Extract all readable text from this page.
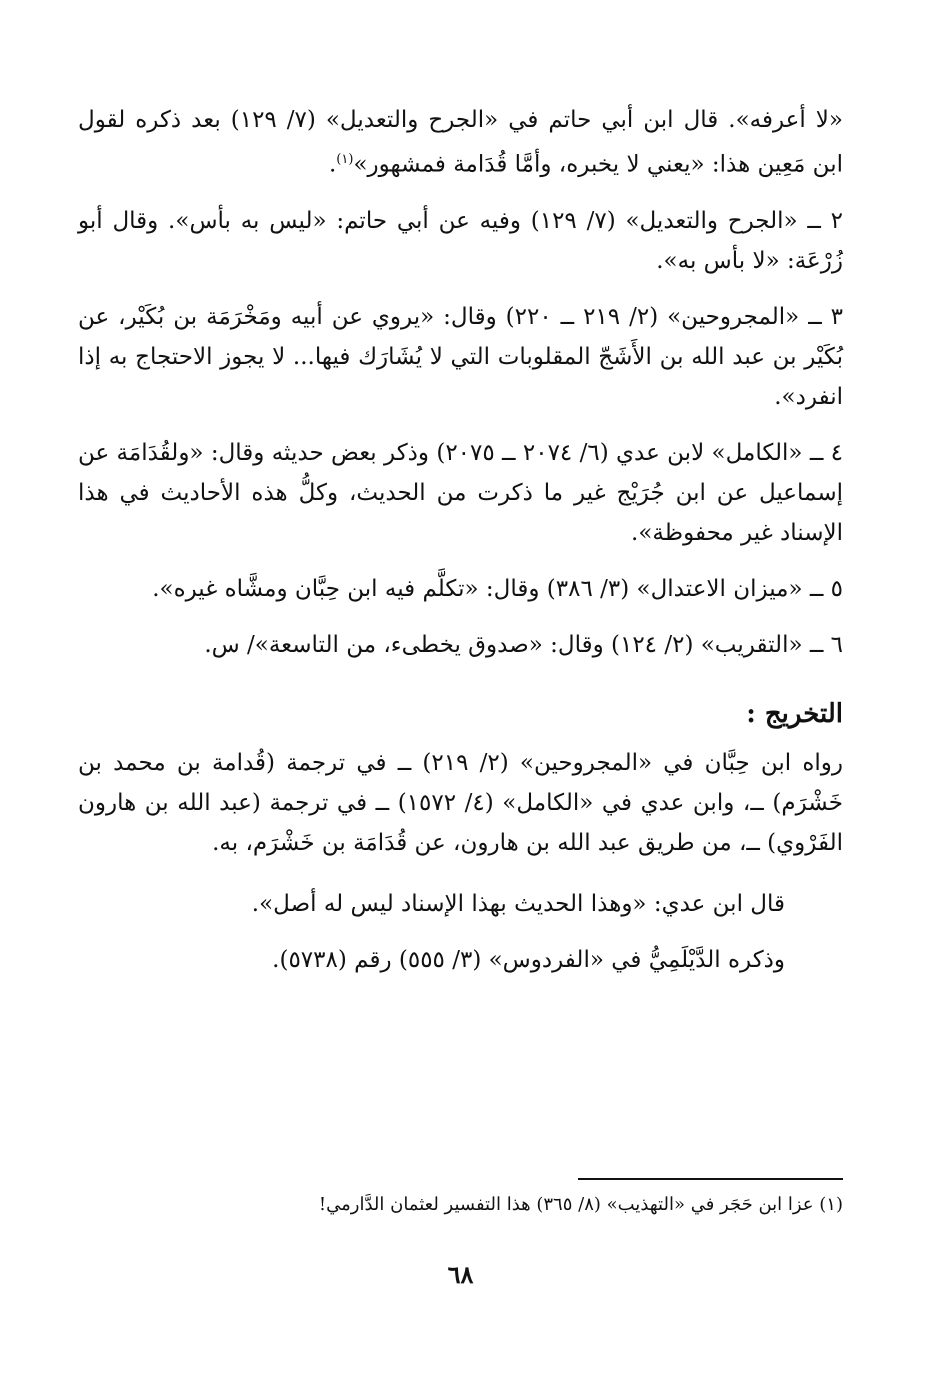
«لا أعرفه». قال ابن أبي حاتم في «الجرح والتعديل» (٧/ ١٢٩) بعد ذكره لقول ابن مَعِين هذا: «يعني لا يخبره، وأمَّا قُدَامة فمشهور»$^{(١)}$.

٢ ــ «الجرح والتعديل» (٧/ ١٢٩) وفيه عن أبي حاتم: «ليس به بأس». وقال أبو زُرْعَة: «لا بأس به».

٣ ــ «المجروحين» (٢/ ٢١٩ ــ ٢٢٠) وقال: «يروي عن أبيه ومَخْرَمَة بن بُكَيْر، عن بُكَيْر بن عبد الله بن الأَشَجّ المقلوبات التي لا يُشَارَك فيها... لا يجوز الاحتجاج به إذا انفرد».

٤ ــ «الكامل» لابن عدي (٦/ ٢٠٧٤ ــ ٢٠٧٥) وذكر بعض حديثه وقال: «ولقُدَامَة عن إسماعيل عن ابن جُرَيْج غير ما ذكرت من الحديث، وكلُّ هذه الأحاديث في هذا الإسناد غير محفوظة».

٥ ــ «ميزان الاعتدال» (٣/ ٣٨٦) وقال: «تكلَّم فيه ابن حِبَّان ومشَّاه غيره».

٦ ــ «التقريب» (٢/ ١٢٤) وقال: «صدوق يخطىء، من التاسعة»/ س.

التخريج :

رواه ابن حِبَّان في «المجروحين» (٢/ ٢١٩) ــ في ترجمة (قُدامة بن محمد بن خَشْرَم) ــ، وابن عدي في «الكامل» (٤/ ١٥٧٢) ــ في ترجمة (عبد الله بن هارون الفَرْوي) ــ، من طريق عبد الله بن هارون، عن قُدَامَة بن خَشْرَم، به.

قال ابن عدي: «وهذا الحديث بهذا الإسناد ليس له أصل».

وذكره الدَّيْلَمِيُّ في «الفردوس» (٣/ ٥٥٥) رقم (٥٧٣٨).

(١) عزا ابن حَجَر في «التهذيب» (٨/ ٣٦٥) هذا التفسير لعثمان الدَّارمي!
٦٨
